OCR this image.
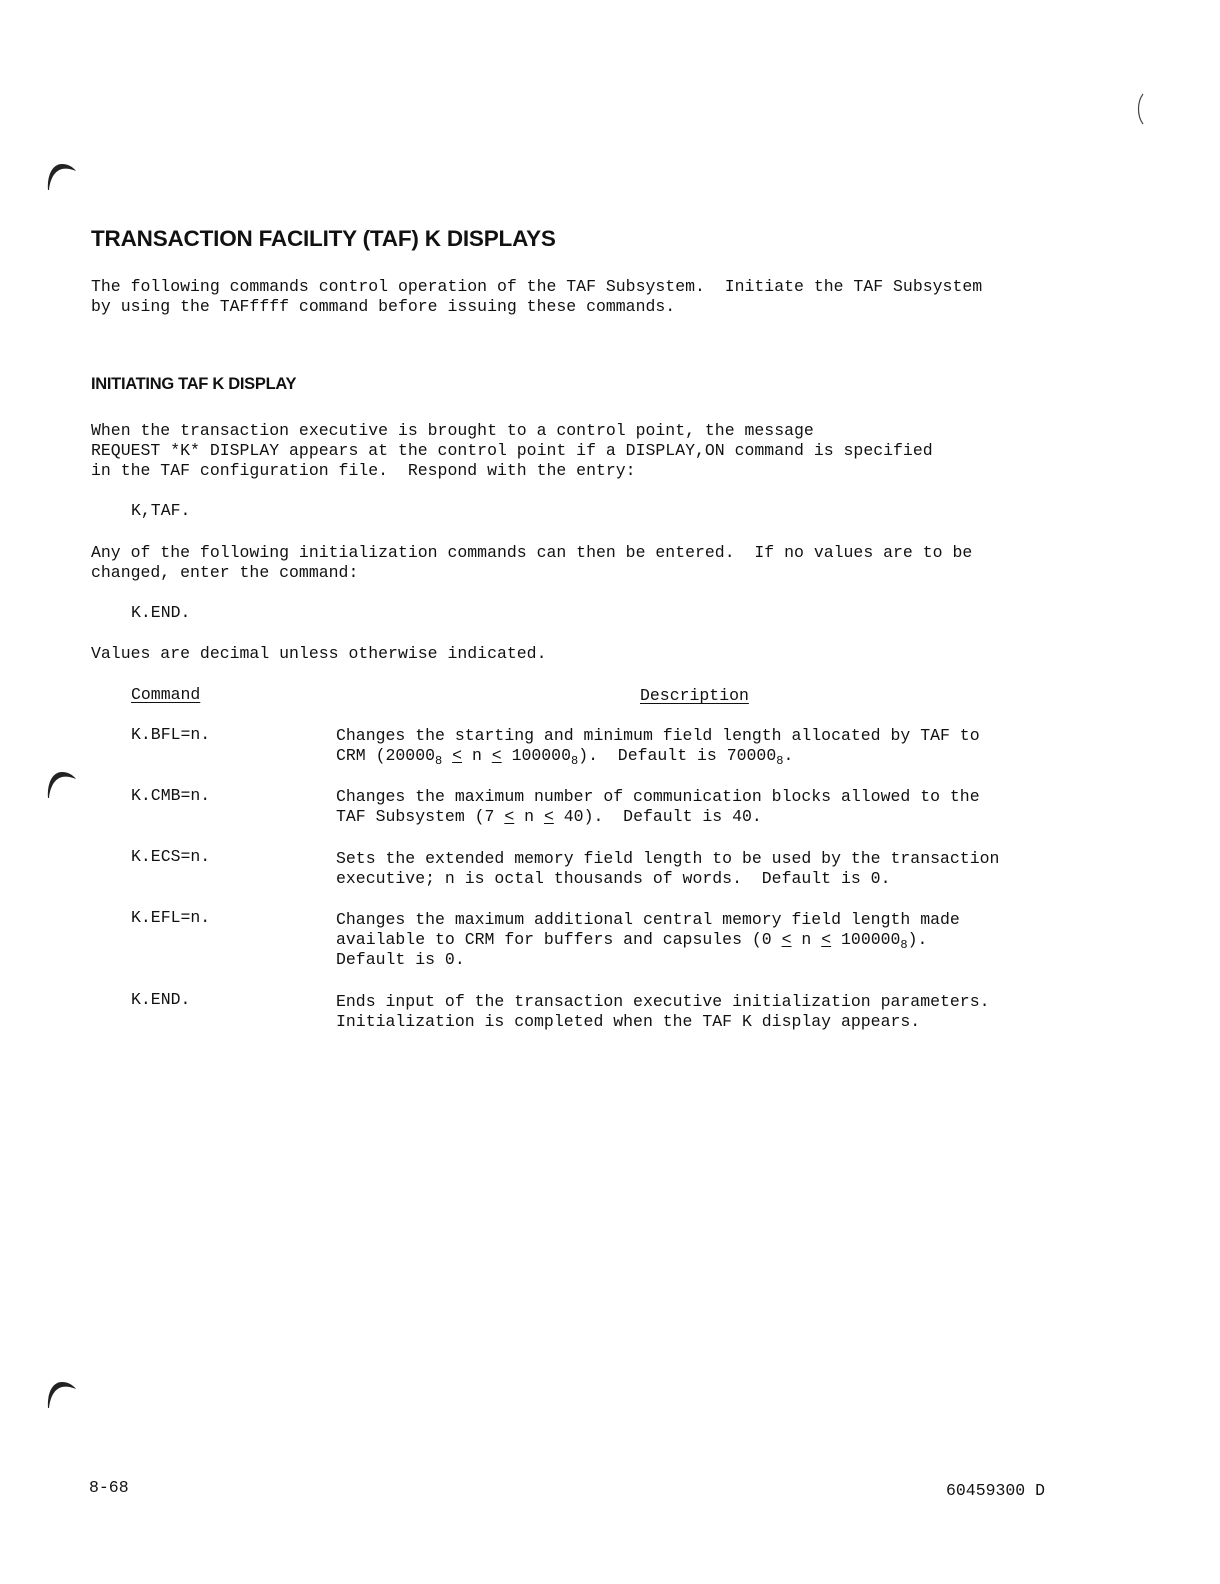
TRANSACTION FACILITY (TAF) K DISPLAYS
The following commands control operation of the TAF Subsystem.  Initiate the TAF Subsystem
by using the TAFffff command before issuing these commands.
INITIATING TAF K DISPLAY
When the transaction executive is brought to a control point, the message
REQUEST *K* DISPLAY appears at the control point if a DISPLAY,ON command is specified
in the TAF configuration file.  Respond with the entry:
K,TAF.
Any of the following initialization commands can then be entered.  If no values are to be
changed, enter the command:
K.END.
Values are decimal unless otherwise indicated.
Command	Description
K.BFL=n.	Changes the starting and minimum field length allocated by TAF to
CRM $(20000_8 < n < 100000_8)$.  Default is $70000_8$.
K.CMB=n.	Changes the maximum number of communication blocks allowed to the
TAF Subsystem (7 < n < 40).  Default is 40.
K.ECS=n.	Sets the extended memory field length to be used by the transaction
executive; n is octal thousands of words.  Default is 0.
K.EFL=n.	Changes the maximum additional central memory field length made
available to CRM for buffers and capsules $(0 < n < 100000_8)$.
Default is 0.
K.END.	Ends input of the transaction executive initialization parameters.
Initialization is completed when the TAF K display appears.
8-68	60459300 D
